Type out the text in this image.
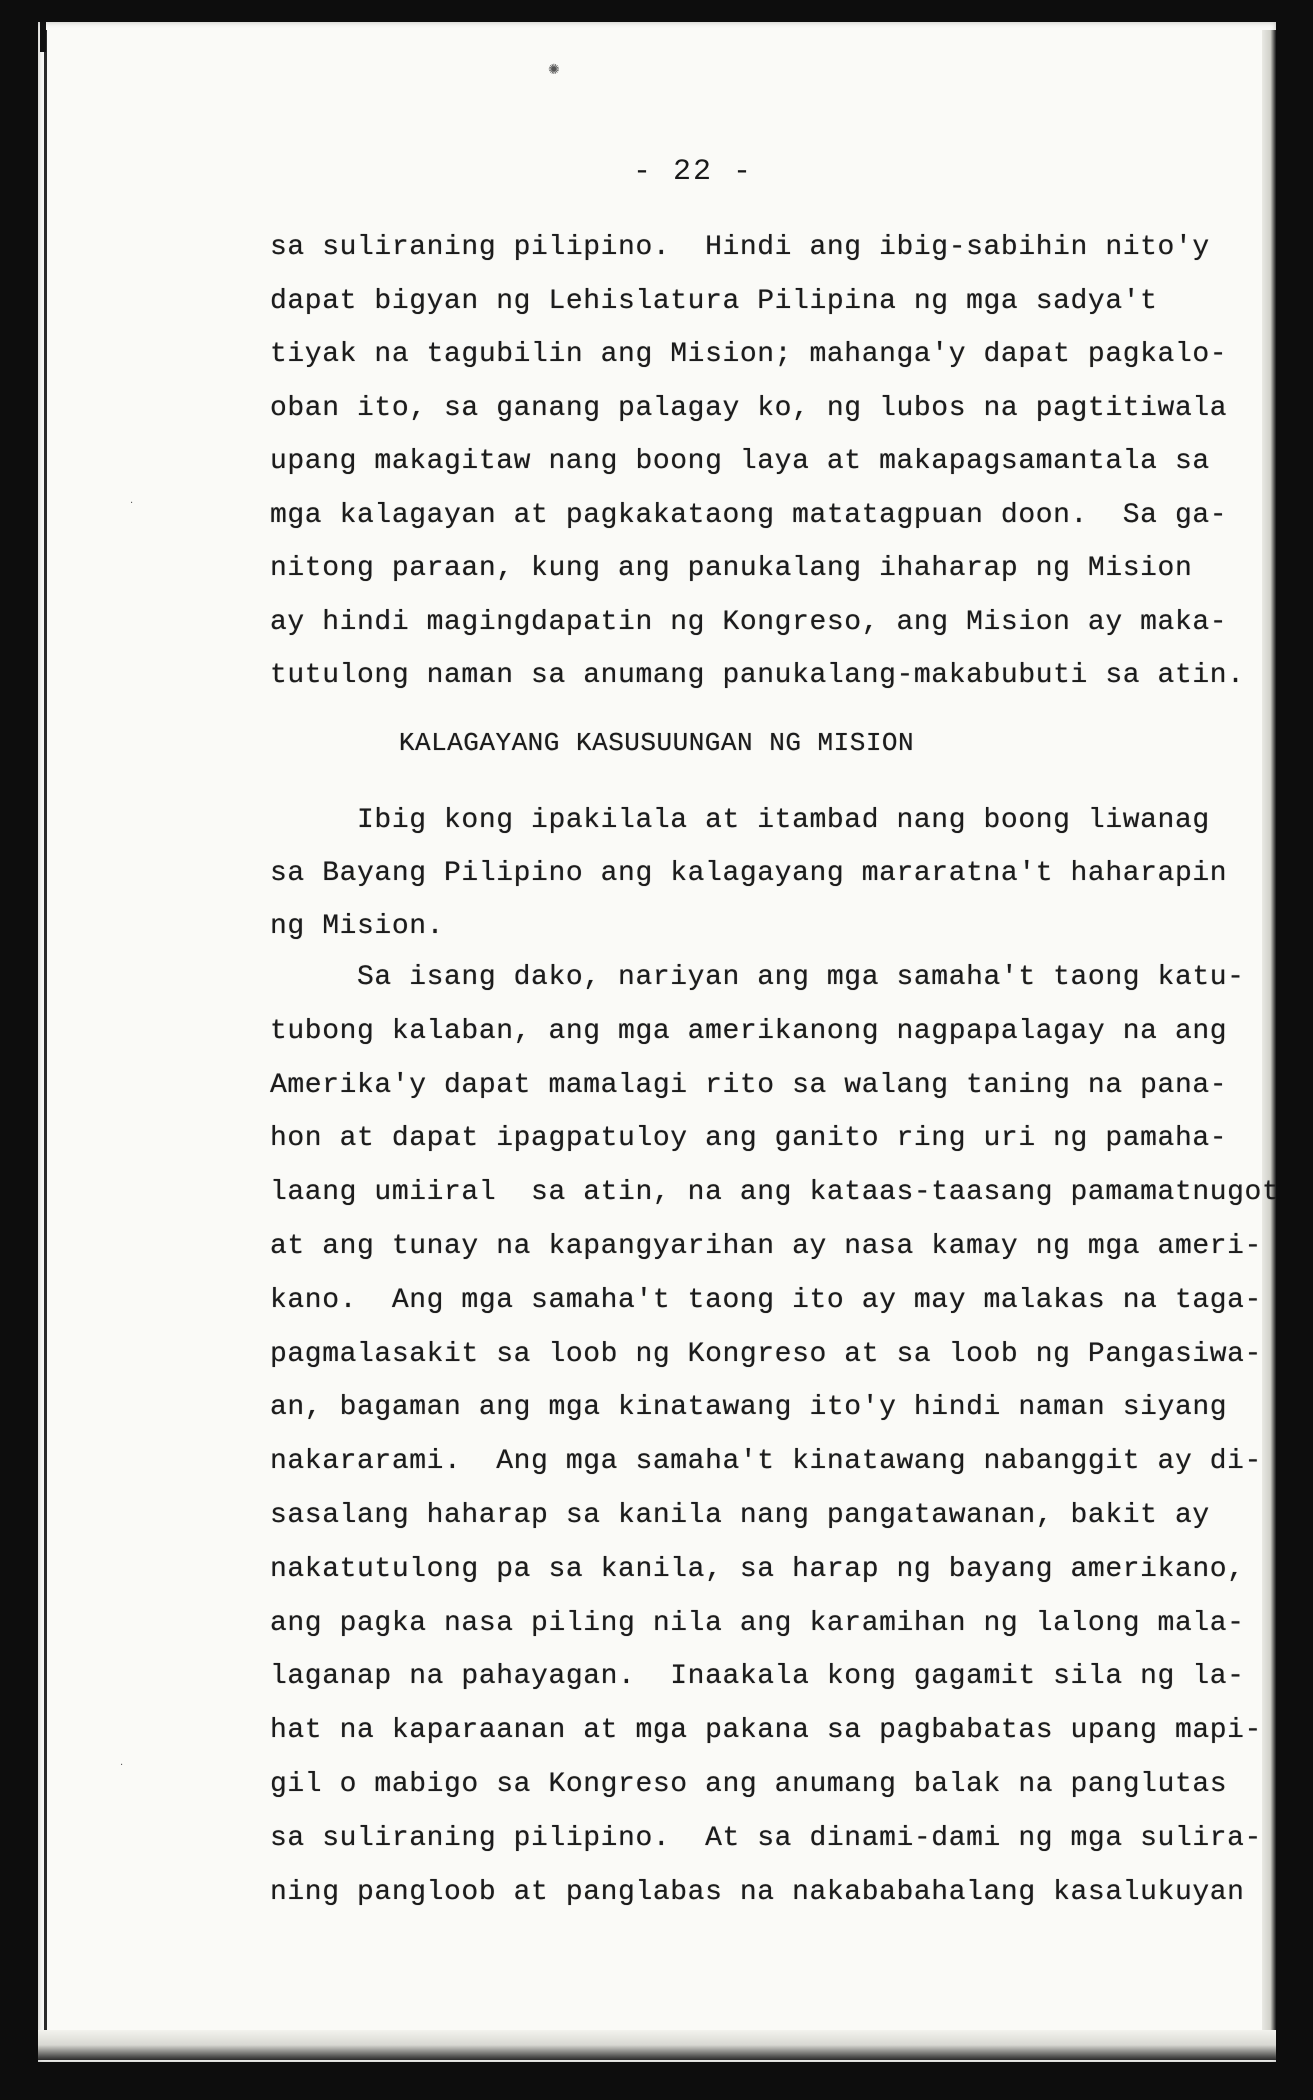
✺
·
·
- 22 -
sa suliraning pilipino.  Hindi ang ibig-sabihin nito'y
dapat bigyan ng Lehislatura Pilipina ng mga sadya't
tiyak na tagubilin ang Mision; mahanga'y dapat pagkalo-
oban ito, sa ganang palagay ko, ng lubos na pagtitiwala
upang makagitaw nang boong laya at makapagsamantala sa
mga kalagayan at pagkakataong matatagpuan doon.  Sa ga-
nitong paraan, kung ang panukalang ihaharap ng Mision
ay hindi magingdapatin ng Kongreso, ang Mision ay maka-
tutulong naman sa anumang panukalang-makabubuti sa atin.
KALAGAYANG KASUSUUNGAN NG MISION
Ibig kong ipakilala at itambad nang boong liwanag
sa Bayang Pilipino ang kalagayang mararatna't haharapin
ng Mision.
Sa isang dako, nariyan ang mga samaha't taong katu-
tubong kalaban, ang mga amerikanong nagpapalagay na ang
Amerika'y dapat mamalagi rito sa walang taning na pana-
hon at dapat ipagpatuloy ang ganito ring uri ng pamaha-
laang umiiral  sa atin, na ang kataas-taasang pamamatnugot
at ang tunay na kapangyarihan ay nasa kamay ng mga ameri-
kano.  Ang mga samaha't taong ito ay may malakas na taga-
pagmalasakit sa loob ng Kongreso at sa loob ng Pangasiwa-
an, bagaman ang mga kinatawang ito'y hindi naman siyang
nakararami.  Ang mga samaha't kinatawang nabanggit ay di-
sasalang haharap sa kanila nang pangatawanan, bakit ay
nakatutulong pa sa kanila, sa harap ng bayang amerikano,
ang pagka nasa piling nila ang karamihan ng lalong mala-
laganap na pahayagan.  Inaakala kong gagamit sila ng la-
hat na kaparaanan at mga pakana sa pagbabatas upang mapi-
gil o mabigo sa Kongreso ang anumang balak na panglutas
sa suliraning pilipino.  At sa dinami-dami ng mga sulira-
ning pangloob at panglabas na nakababahalang kasalukuyan
